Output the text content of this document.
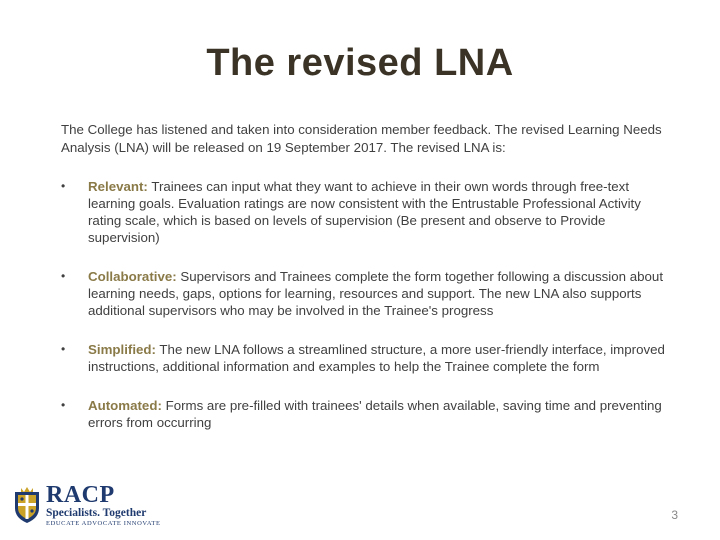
The revised LNA
The College has listened and taken into consideration member feedback. The revised Learning Needs Analysis (LNA) will be released on 19 September 2017. The revised LNA is:
• Relevant: Trainees can input what they want to achieve in their own words through free-text learning goals. Evaluation ratings are now consistent with the Entrustable Professional Activity rating scale, which is based on levels of supervision (Be present and observe to Provide supervision)
• Collaborative: Supervisors and Trainees complete the form together following a discussion about learning needs, gaps, options for learning, resources and support. The new LNA also supports additional supervisors who may be involved in the Trainee's progress
• Simplified: The new LNA follows a streamlined structure, a more user-friendly interface, improved instructions, additional information and examples to help the Trainee complete the form
• Automated: Forms are pre-filled with trainees' details when available, saving time and preventing errors from occurring
RACP
Specialists. Together
EDUCATE ADVOCATE INNOVATE
3
